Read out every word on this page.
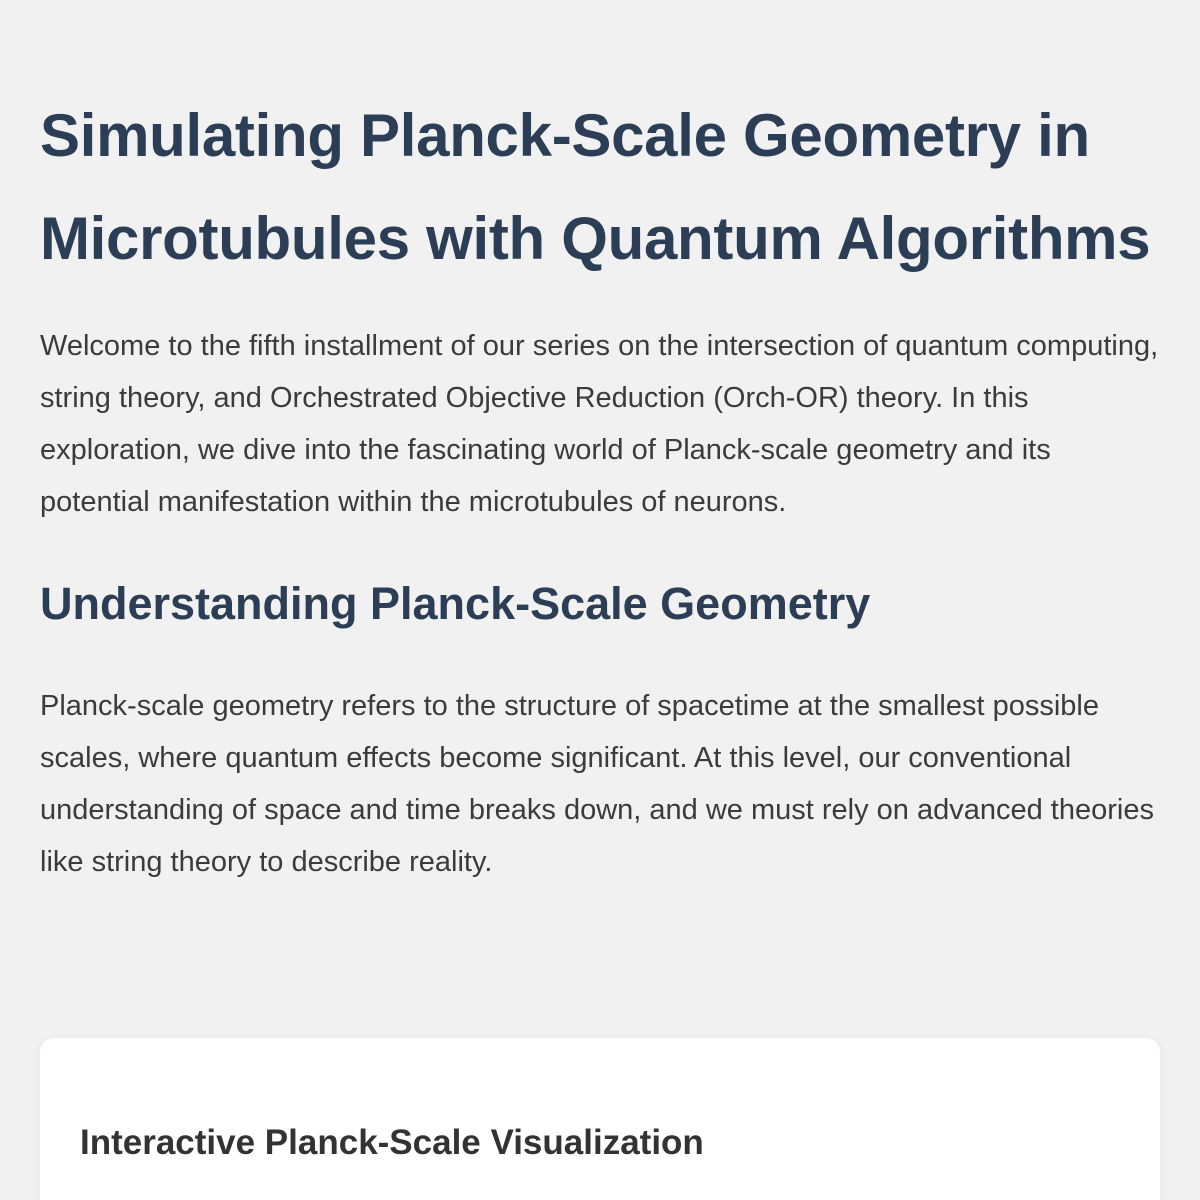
Simulating Planck-Scale Geometry in Microtubules with Quantum Algorithms

Welcome to the fifth installment of our series on the intersection of quantum computing, string theory, and Orchestrated Objective Reduction (Orch-OR) theory. In this exploration, we dive into the fascinating world of Planck-scale geometry and its potential manifestation within the microtubules of neurons.

Understanding Planck-Scale Geometry

Planck-scale geometry refers to the structure of spacetime at the smallest possible scales, where quantum effects become significant. At this level, our conventional understanding of space and time breaks down, and we must rely on advanced theories like string theory to describe reality.

Interactive Planck-Scale Visualization
